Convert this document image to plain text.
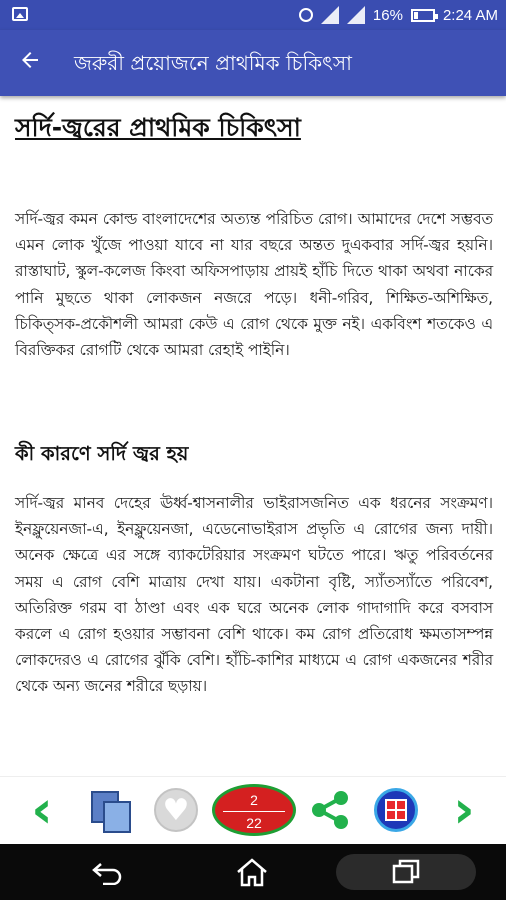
16%	2:24 AM
জরুরী প্রয়োজনে প্রাথমিক চিকিৎসা
সর্দি-জ্বরের প্রাথমিক চিকিৎসা

সর্দি-জ্বর কমন কোল্ড বাংলাদেশের অত্যন্ত পরিচিত রোগ। আমাদের দেশে সম্ভবত এমন লোক খুঁজে পাওয়া যাবে না যার বছরে অন্তত দুএকবার সর্দি-জ্বর হয়নি। রাস্তাঘাট, স্কুল-কলেজ কিংবা অফিসপাড়ায় প্রায়ই হাঁচি দিতে থাকা অথবা নাকের পানি মুছতে থাকা লোকজন নজরে পড়ে। ধনী-গরিব, শিক্ষিত-অশিক্ষিত, চিকিত্সক-প্রকৌশলী আমরা কেউ এ রোগ থেকে মুক্ত নই। একবিংশ শতকেও এ বিরক্তিকর রোগটি থেকে আমরা রেহাই পাইনি।

কী কারণে সর্দি জ্বর হয়

সর্দি-জ্বর মানব দেহের ঊর্ধ্ব-শ্বাসনালীর ভাইরাসজনিত এক ধরনের সংক্রমণ। ইনফ্লুয়েনজা-এ, ইনফ্লুয়েনজা, এডেনোভাইরাস প্রভৃতি এ রোগের জন্য দায়ী। অনেক ক্ষেত্রে এর সঙ্গে ব্যাকটেরিয়ার সংক্রমণ ঘটতে পারে। ঋতু পরিবর্তনের সময় এ রোগ বেশি মাত্রায় দেখা যায়। একটানা বৃষ্টি, স্যাঁতস্যাঁতে পরিবেশ, অতিরিক্ত গরম বা ঠাণ্ডা এবং এক ঘরে অনেক লোক গাদাগাদি করে বসবাস করলে এ রোগ হওয়ার সম্ভাবনা বেশি থাকে। কম রোগ প্রতিরোধ ক্ষমতাসম্পন্ন লোকদেরও এ রোগের ঝুঁকি বেশি। হাঁচি-কাশির মাধ্যমে এ রোগ একজনের শরীর থেকে অন্য জনের শরীরে ছড়ায়।

‹	♥	2
22	›
